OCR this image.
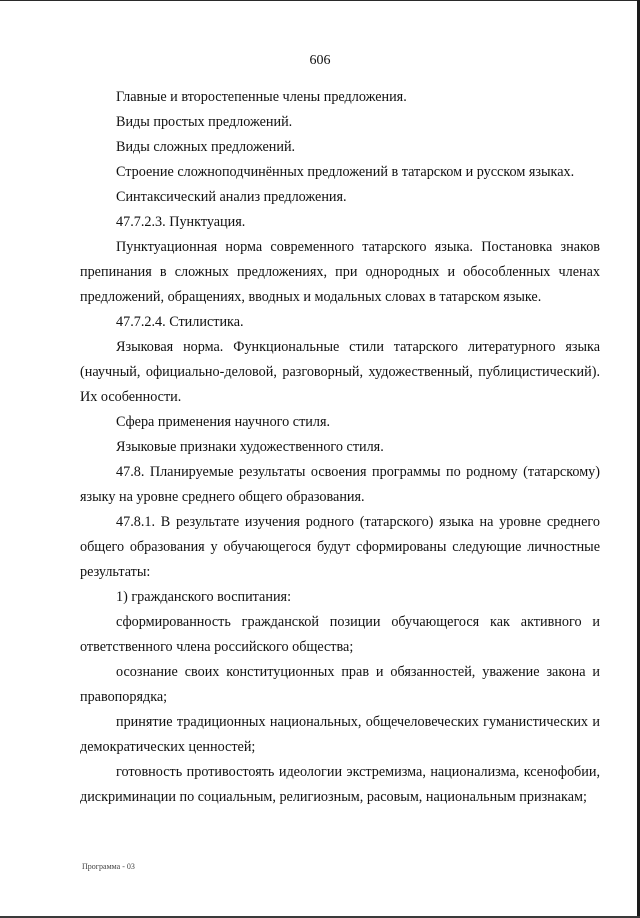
606

Главные и второстепенные члены предложения.

Виды простых предложений.

Виды сложных предложений.

Строение сложноподчинённых предложений в татарском и русском языках.

Синтаксический анализ предложения.

47.7.2.3. Пунктуация.

Пунктуационная норма современного татарского языка. Постановка знаков препинания в сложных предложениях, при однородных и обособленных членах предложений, обращениях, вводных и модальных словах в татарском языке.

47.7.2.4. Стилистика.

Языковая норма. Функциональные стили татарского литературного языка (научный, официально-деловой, разговорный, художественный, публицистический). Их особенности.

Сфера применения научного стиля.

Языковые признаки художественного стиля.

47.8. Планируемые результаты освоения программы по родному (татарскому) языку на уровне среднего общего образования.

47.8.1. В результате изучения родного (татарского) языка на уровне среднего общего образования у обучающегося будут сформированы следующие личностные результаты:

1) гражданского воспитания:

сформированность гражданской позиции обучающегося как активного и ответственного члена российского общества;

осознание своих конституционных прав и обязанностей, уважение закона и правопорядка;

принятие традиционных национальных, общечеловеческих гуманистических и демократических ценностей;

готовность противостоять идеологии экстремизма, национализма, ксенофобии, дискриминации по социальным, религиозным, расовым, национальным признакам;

Программа - 03
